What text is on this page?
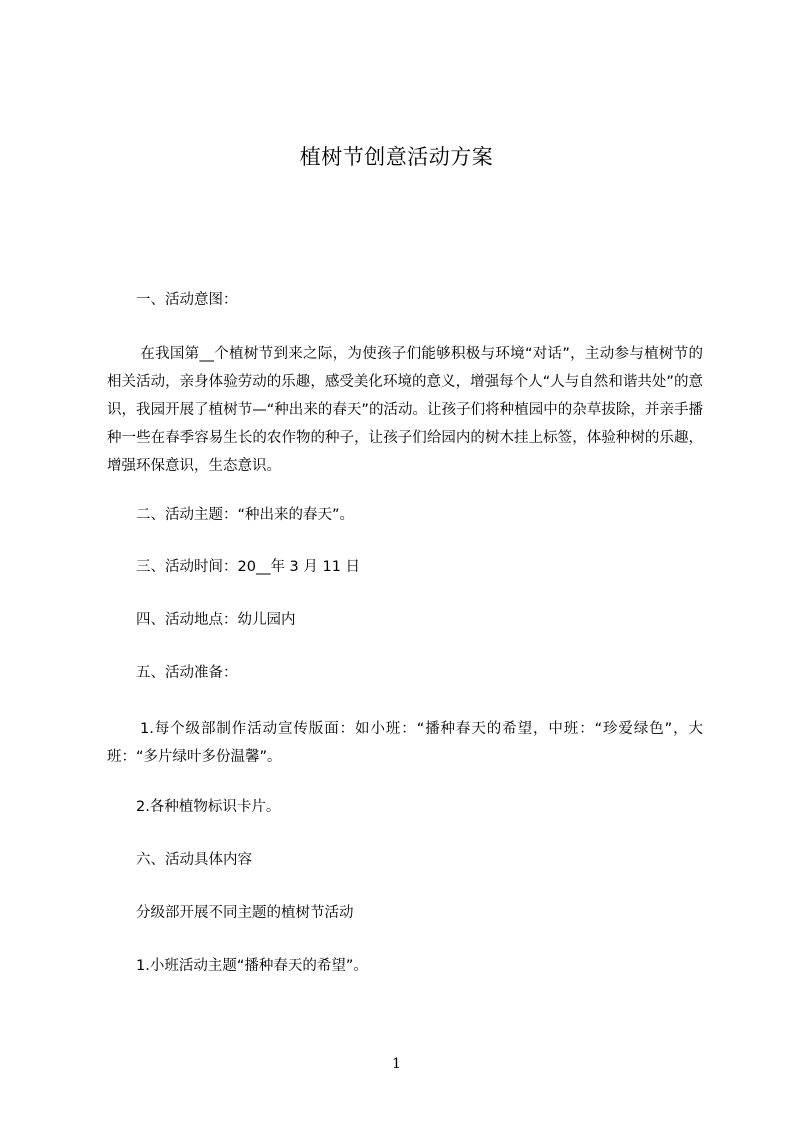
植树节创意活动方案
一、活动意图：
在我国第__个植树节到来之际，为使孩子们能够积极与环境“对话”，主动参与植树节的相关活动，亲身体验劳动的乐趣，感受美化环境的意义，增强每个人“人与自然和谐共处”的意识，我园开展了植树节—“种出来的春天”的活动。让孩子们将种植园中的杂草拔除，并亲手播种一些在春季容易生长的农作物的种子，让孩子们给园内的树木挂上标签，体验种树的乐趣，增强环保意识，生态意识。
二、活动主题：“种出来的春天”。
三、活动时间：20__年 3 月 11 日
四、活动地点：幼儿园内
五、活动准备：
1.每个级部制作活动宣传版面：如小班：“播种春天的希望，中班：“珍爱绿色”，大班：“多片绿叶多份温馨”。
2.各种植物标识卡片。
六、活动具体内容
分级部开展不同主题的植树节活动
1.小班活动主题“播种春天的希望”。
1
